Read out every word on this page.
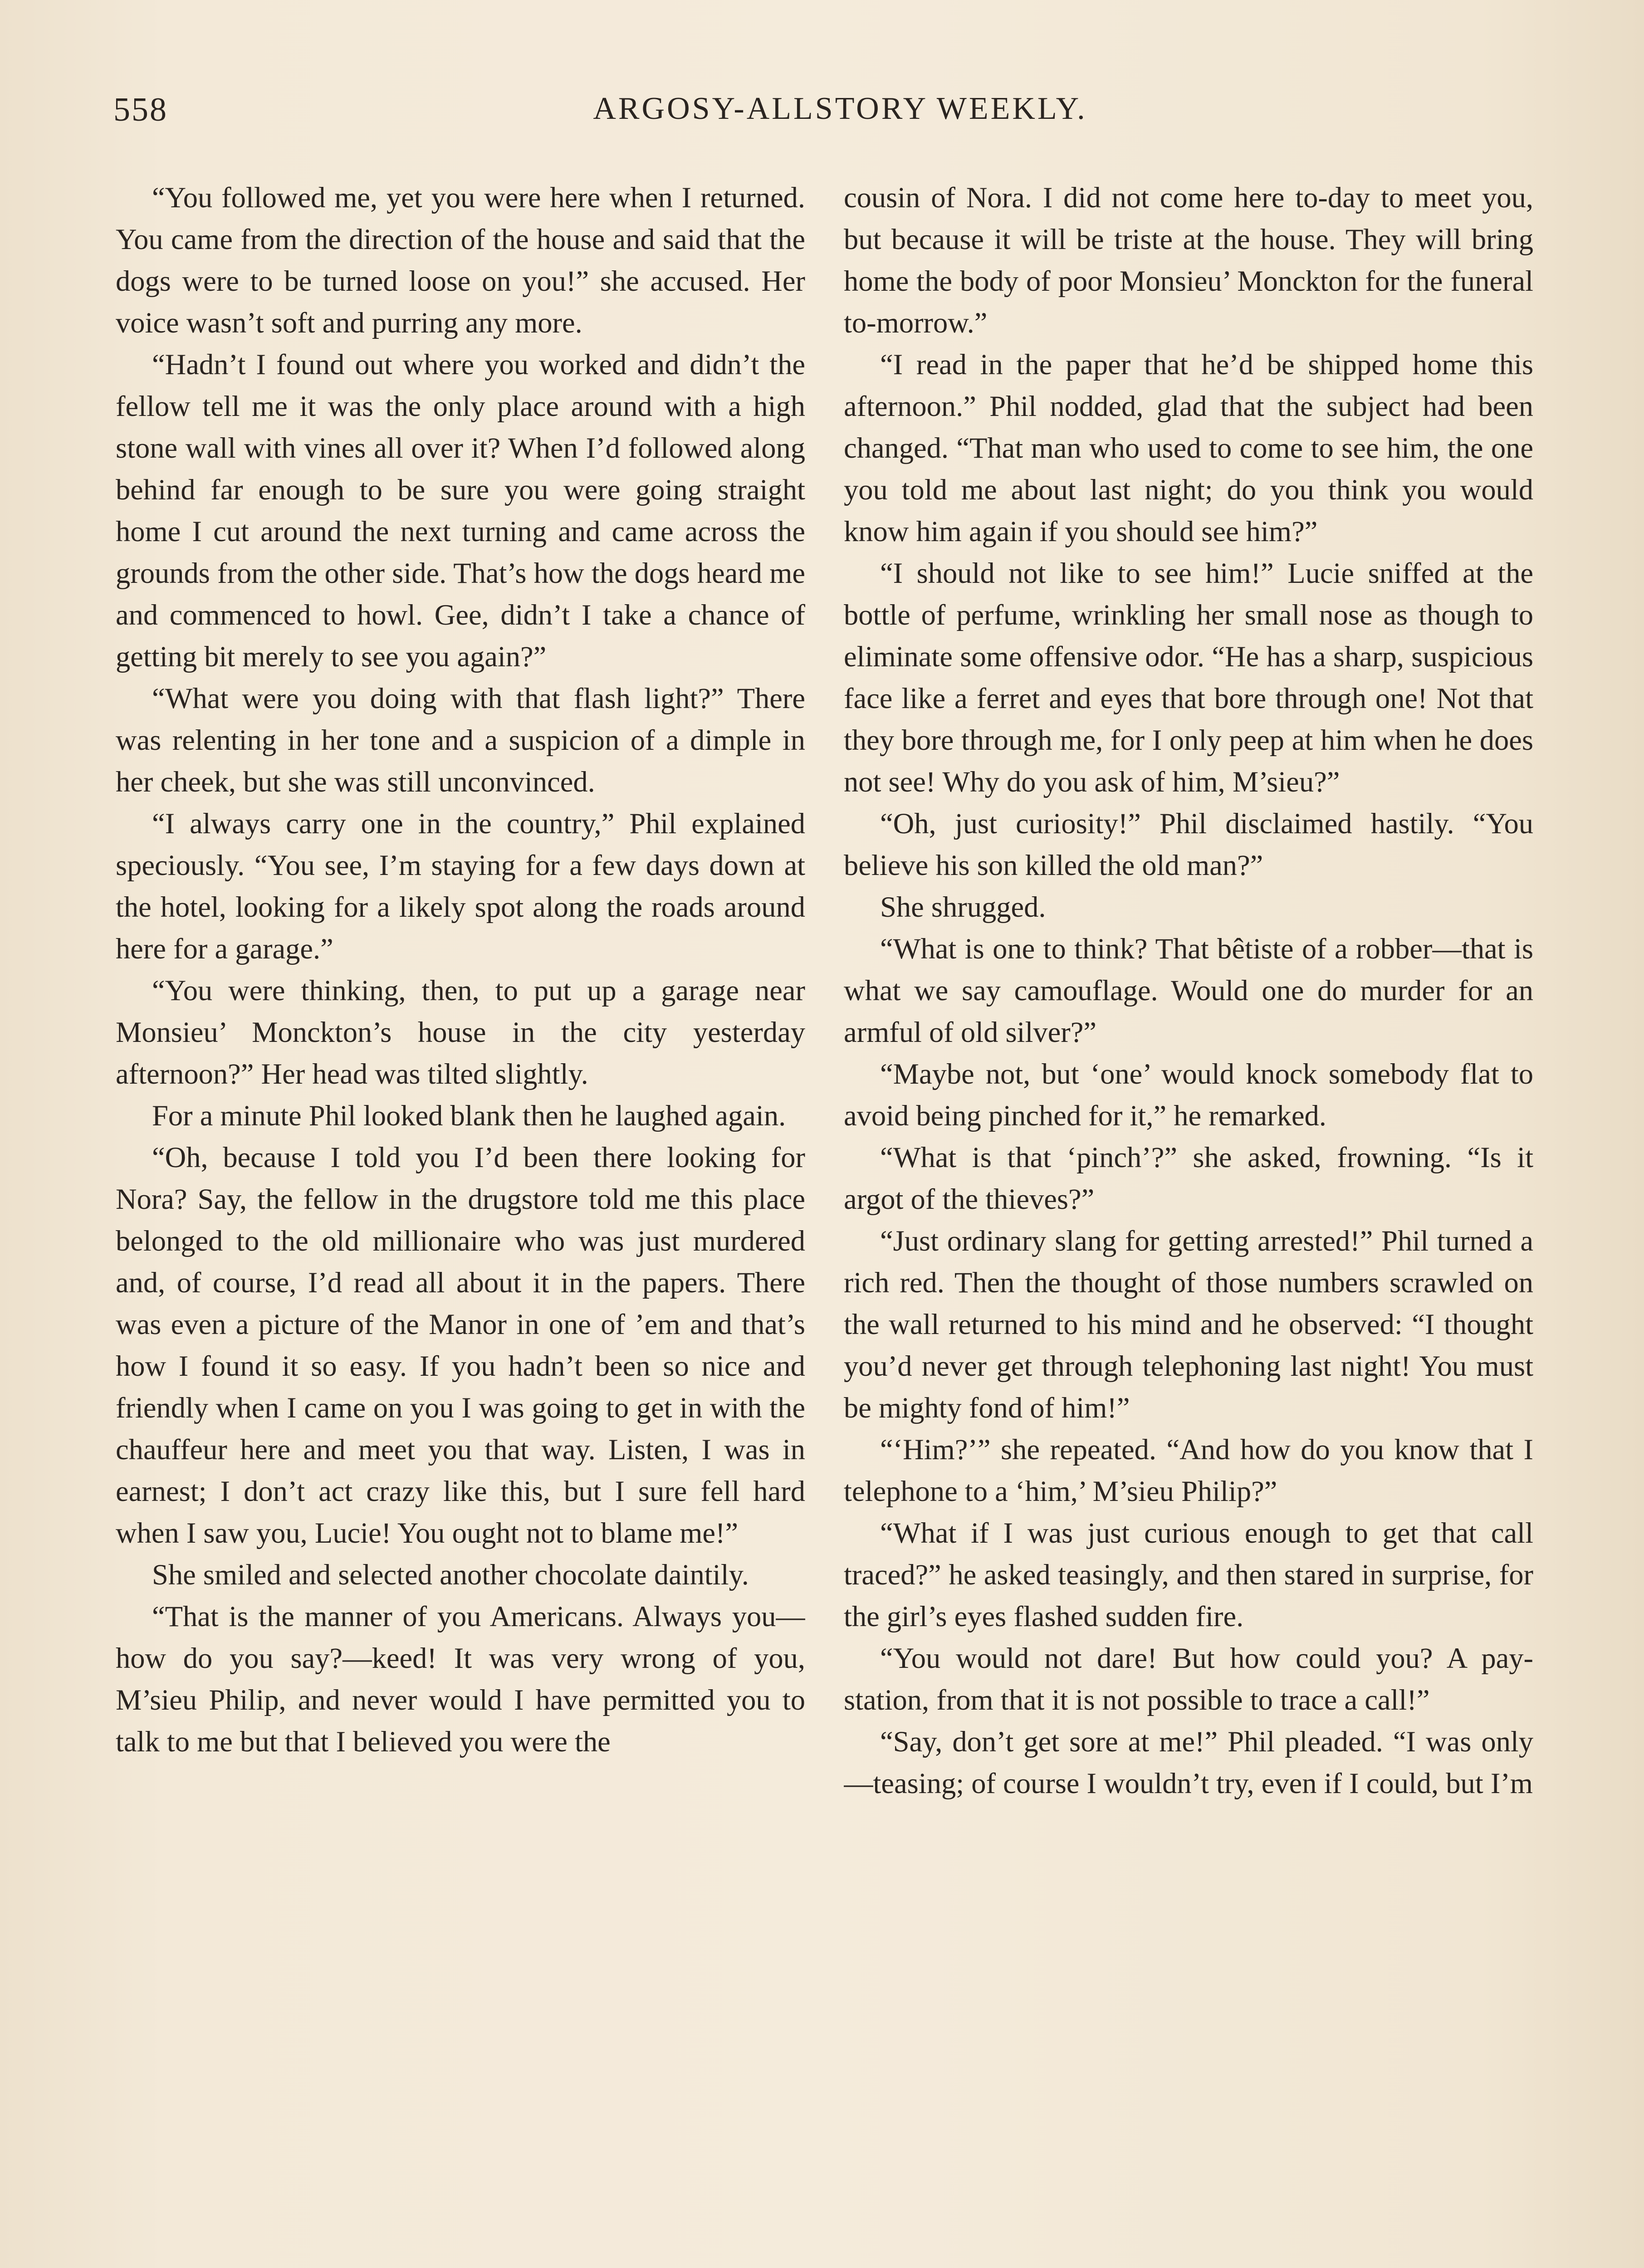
558	ARGOSY-ALLSTORY WEEKLY.

“You followed me, yet you were here when I returned. You came from the direction of the house and said that the dogs were to be turned loose on you!” she accused. Her voice wasn’t soft and purring any more.

“Hadn’t I found out where you worked and didn’t the fellow tell me it was the only place around with a high stone wall with vines all over it? When I’d followed along behind far enough to be sure you were going straight home I cut around the next turning and came across the grounds from the other side. That’s how the dogs heard me and commenced to howl. Gee, didn’t I take a chance of getting bit merely to see you again?”

“What were you doing with that flash light?” There was relenting in her tone and a suspicion of a dimple in her cheek, but she was still unconvinced.

“I always carry one in the country,” Phil explained speciously. “You see, I’m staying for a few days down at the hotel, looking for a likely spot along the roads around here for a garage.”

“You were thinking, then, to put up a garage near Monsieu’ Monckton’s house in the city yesterday afternoon?” Her head was tilted slightly.

For a minute Phil looked blank then he laughed again.

“Oh, because I told you I’d been there looking for Nora? Say, the fellow in the drugstore told me this place belonged to the old millionaire who was just murdered and, of course, I’d read all about it in the papers. There was even a picture of the Manor in one of ’em and that’s how I found it so easy. If you hadn’t been so nice and friendly when I came on you I was going to get in with the chauffeur here and meet you that way. Listen, I was in earnest; I don’t act crazy like this, but I sure fell hard when I saw you, Lucie! You ought not to blame me!”

She smiled and selected another chocolate daintily.

“That is the manner of you Americans. Always you—how do you say?—keed! It was very wrong of you, M’sieu Philip, and never would I have permitted you to talk to me but that I believed you were the

cousin of Nora. I did not come here to-day to meet you, but because it will be triste at the house. They will bring home the body of poor Monsieu’ Monckton for the funeral to-morrow.”

“I read in the paper that he’d be shipped home this afternoon.” Phil nodded, glad that the subject had been changed. “That man who used to come to see him, the one you told me about last night; do you think you would know him again if you should see him?”

“I should not like to see him!” Lucie sniffed at the bottle of perfume, wrinkling her small nose as though to eliminate some offensive odor. “He has a sharp, suspicious face like a ferret and eyes that bore through one! Not that they bore through me, for I only peep at him when he does not see! Why do you ask of him, M’sieu?”

“Oh, just curiosity!” Phil disclaimed hastily. “You believe his son killed the old man?”

She shrugged.

“What is one to think? That bêtiste of a robber—that is what we say camouflage. Would one do murder for an armful of old silver?”

“Maybe not, but ‘one’ would knock somebody flat to avoid being pinched for it,” he remarked.

“What is that ‘pinch’?” she asked, frowning. “Is it argot of the thieves?”

“Just ordinary slang for getting arrested!” Phil turned a rich red. Then the thought of those numbers scrawled on the wall returned to his mind and he observed: “I thought you’d never get through telephoning last night! You must be mighty fond of him!”

“‘Him?’” she repeated. “And how do you know that I telephone to a ‘him,’ M’sieu Philip?”

“What if I was just curious enough to get that call traced?” he asked teasingly, and then stared in surprise, for the girl’s eyes flashed sudden fire.

“You would not dare! But how could you? A pay-station, from that it is not possible to trace a call!”

“Say, don’t get sore at me!” Phil pleaded. “I was only—teasing; of course I wouldn’t try, even if I could, but I’m
